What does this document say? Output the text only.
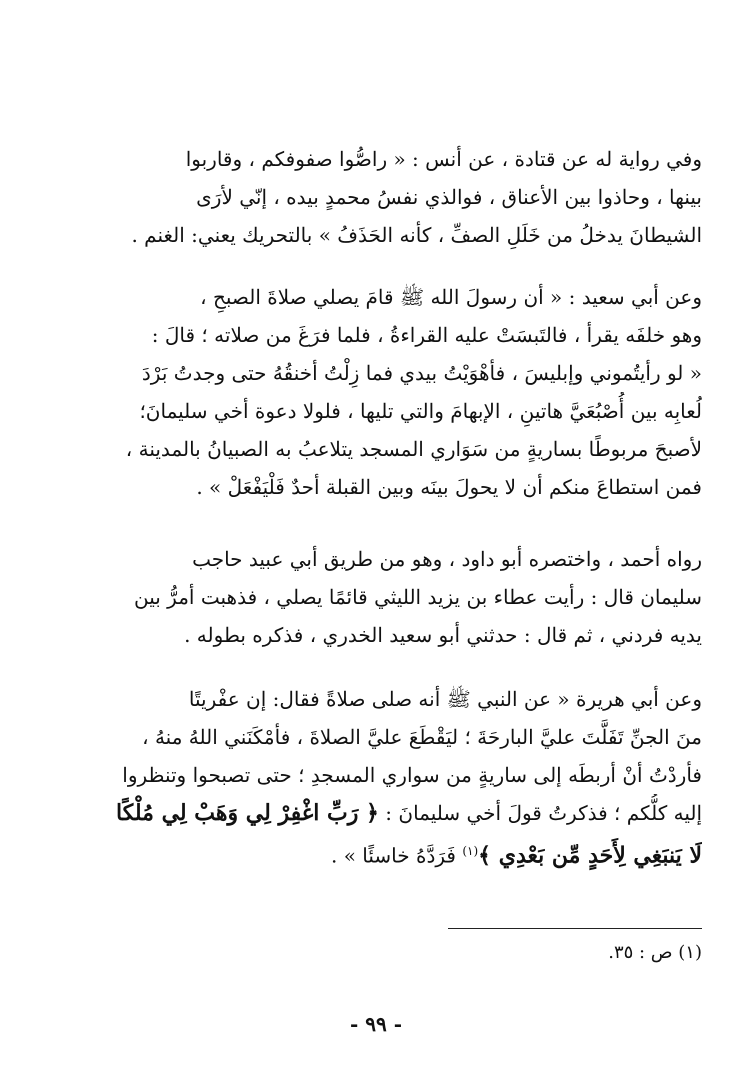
وفي رواية له عن قتادة ، عن أنس : « راصُّوا صفوفكم ، وقاربوا
بينها ، وحاذوا بين الأعناق ، فوالذي نفسُ محمدٍ بيده ، إنّي لأرَى
الشيطانَ يدخلُ من خَلَلِ الصفِّ ، كأنه الحَذَفُ » بالتحريك يعني: الغنم .

وعن أبي سعيد : « أن رسولَ الله ﷺ قامَ يصلي صلاةَ الصبحِ ،
وهو خلفَه يقرأ ، فالتَبسَتْ عليه القراءةُ ، فلما فرَغَ من صلاته ؛ قالَ :
« لو رأيتُموني وإبليسَ ، فأهْوَيْتُ بيدي فما زِلْتُ أخنقُهُ حتى وجدتُ بَرْدَ
لُعابِه بين أُصْبُعَيَّ هاتينِ ، الإبهامَ والتي تليها ، فلولا دعوة أخي سليمانَ؛
لأصبحَ مربوطًا بساريةٍ من سَوَاري المسجد يتلاعبُ به الصبيانُ بالمدينة ،
فمن استطاعَ منكم أن لا يحولَ بينَه وبين القبلة أحدٌ فَلْيَفْعَلْ » .

رواه أحمد ، واختصره أبو داود ، وهو من طريق أبي عبيد حاجب
سليمان قال : رأيت عطاء بن يزيد الليثي قائمًا يصلي ، فذهبت أمرُّ بين
يديه فردني ، ثم قال : حدثني أبو سعيد الخدري ، فذكره بطوله .

وعن أبي هريرة « عن النبي ﷺ أنه صلى صلاةً فقال: إن عفْريتًا
منَ الجنِّ تَفَلَّتَ عليَّ البارحَةَ ؛ ليَقْطَعَ عليَّ الصلاةَ ، فأمْكَنَني اللهُ منهُ ،
فأردْتُ أنْ أربطَه إلى ساريةٍ من سواري المسجدِ ؛ حتى تصبحوا وتنظروا
إليه كلُّكم ؛ فذكرتُ قولَ أخي سليمانَ : ﴿ رَبِّ اغْفِرْ لِي وَهَبْ لِي مُلْكًا
لَا يَنبَغِي لِأَحَدٍ مِّن بَعْدِي ﴾$^{(١)}$ فَرَدَّهُ خاسئًا » .

(١) ص : ٣٥.
- ٩٩ -
